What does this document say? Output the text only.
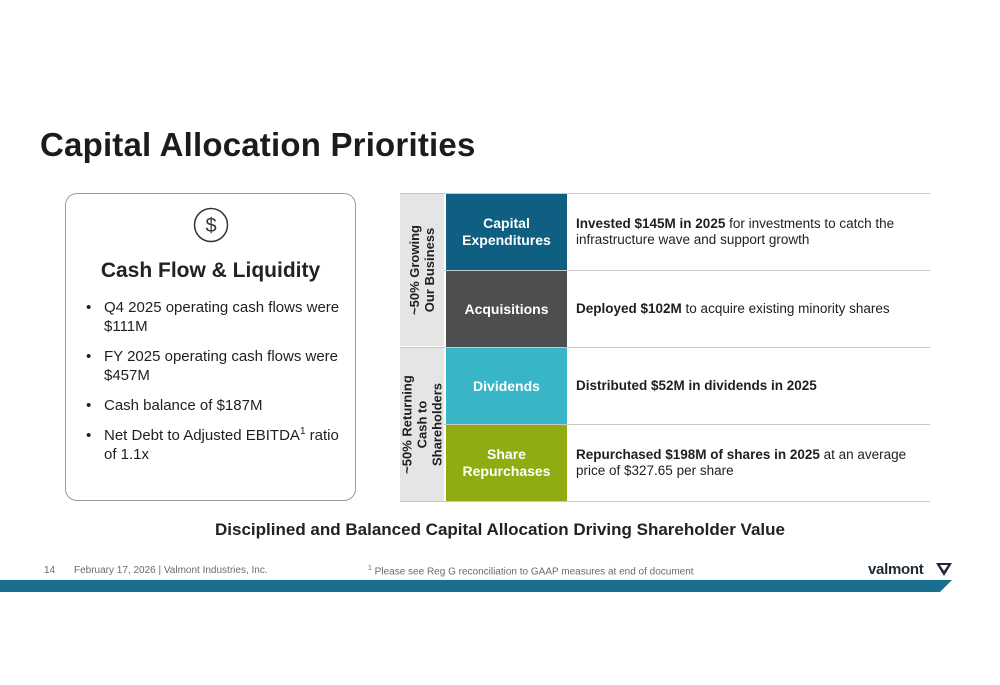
Capital Allocation Priorities
$
Cash Flow & Liquidity
• Q4 2025 operating cash flows were $111M
• FY 2025 operating cash flows were $457M
• Cash balance of $187M
• Net Debt to Adjusted EBITDA$^1$ ratio of 1.1x
~50% Growing Our Business
~50% Returning Cash to Shareholders
Capital Expenditures
Acquisitions
Dividends
Share Repurchases
Invested $145M in 2025 for investments to catch the infrastructure wave and support growth
Deployed $102M to acquire existing minority shares
Distributed $52M in dividends in 2025
Repurchased $198M of shares in 2025 at an average price of $327.65 per share
Disciplined and Balanced Capital Allocation Driving Shareholder Value
14 February 17, 2026 | Valmont Industries, Inc.	$^1$ Please see Reg G reconciliation to GAAP measures at end of document	valmont
